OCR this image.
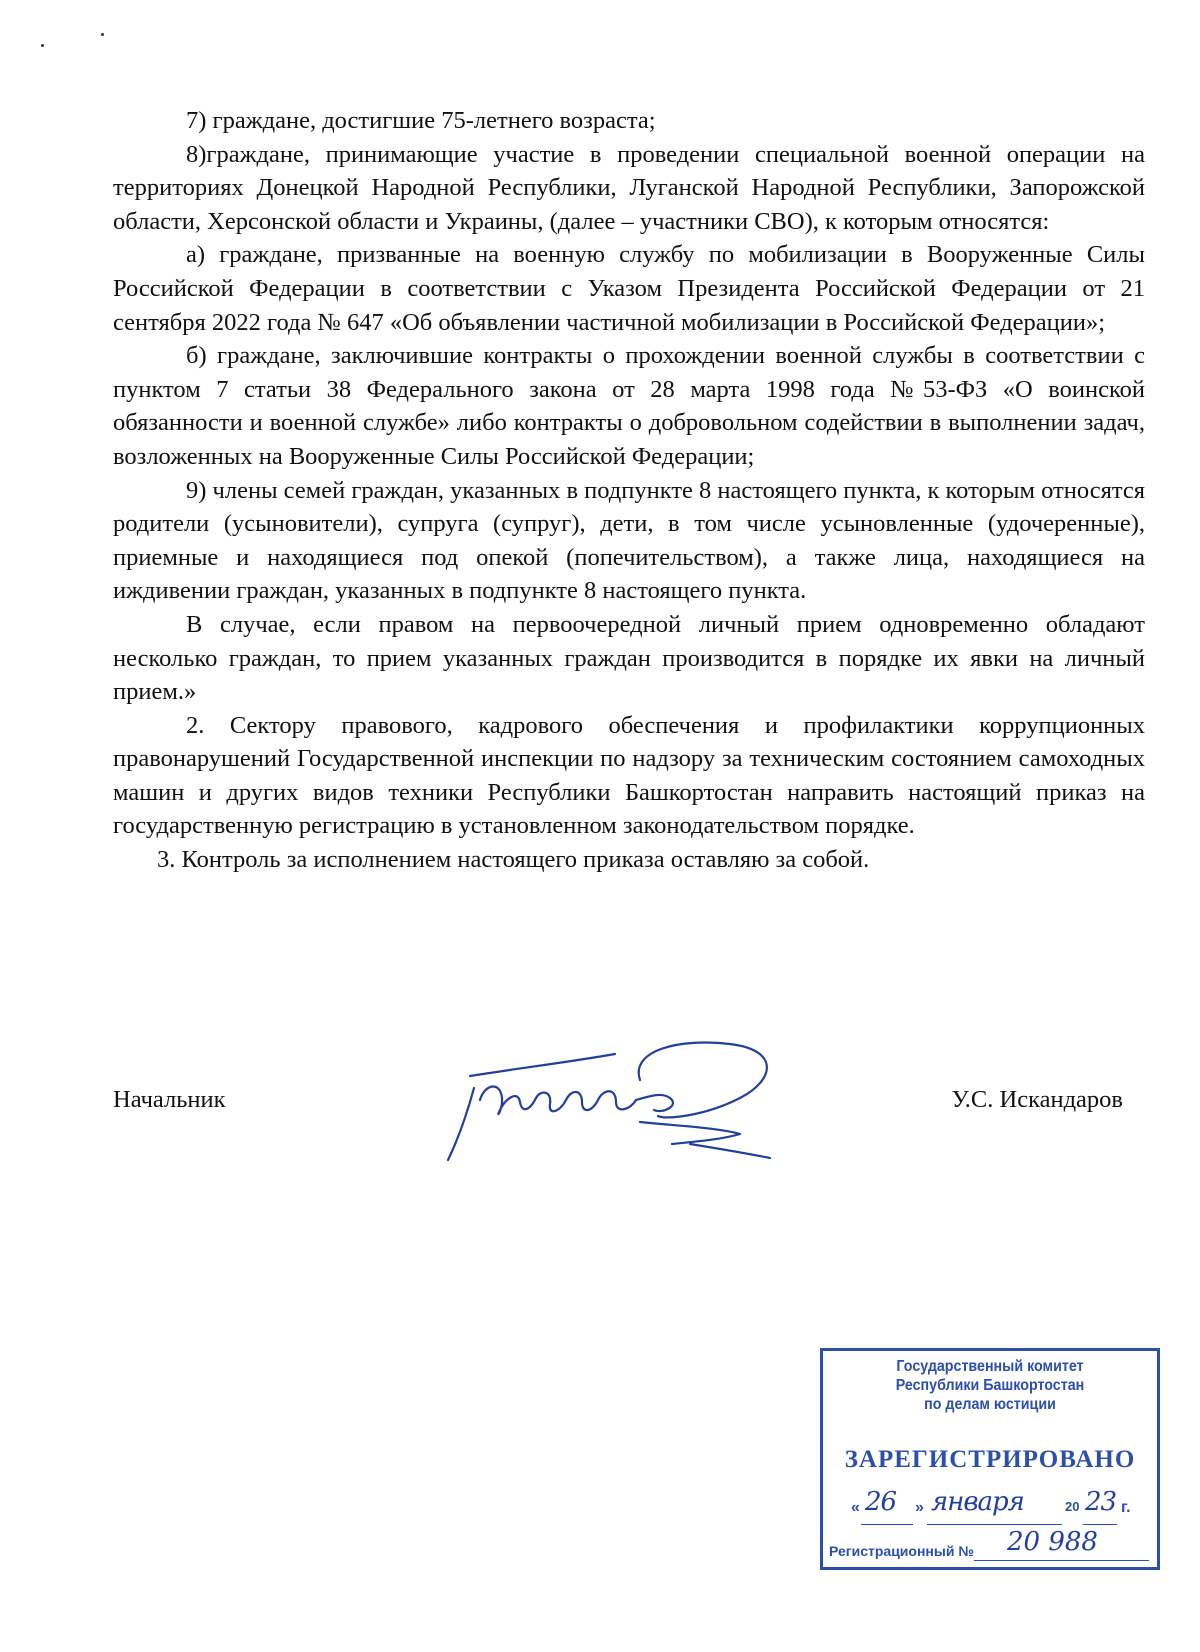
7) граждане, достигшие 75-летнего возраста;

8)граждане, принимающие участие в проведении специальной военной операции на территориях Донецкой Народной Республики, Луганской Народной Республики, Запорожской области, Херсонской области и Украины, (далее – участники СВО), к которым относятся:

а) граждане, призванные на военную службу по мобилизации в Вооруженные Силы Российской Федерации в соответствии с Указом Президента Российской Федерации от 21 сентября 2022 года № 647 «Об объявлении частичной мобилизации в Российской Федерации»;

б) граждане, заключившие контракты о прохождении военной службы в соответствии с пунктом 7 статьи 38 Федерального закона от 28 марта 1998 года №53-ФЗ «О воинской обязанности и военной службе» либо контракты о добровольном содействии в выполнении задач, возложенных на Вооруженные Силы Российской Федерации;

9) члены семей граждан, указанных в подпункте 8 настоящего пункта, к которым относятся родители (усыновители), супруга (супруг), дети, в том числе усыновленные (удочеренные), приемные и находящиеся под опекой (попечительством), а также лица, находящиеся на иждивении граждан, указанных в подпункте 8 настоящего пункта.

В случае, если правом на первоочередной личный прием одновременно обладают несколько граждан, то прием указанных граждан производится в порядке их явки на личный прием.»

2. Сектору правового, кадрового обеспечения и профилактики коррупционных правонарушений Государственной инспекции по надзору за техническим состоянием самоходных машин и других видов техники Республики Башкортостан направить настоящий приказ на государственную регистрацию в установленном законодательством порядке.

3. Контроль за исполнением настоящего приказа оставляю за собой.

Начальник	У.С. Искандаров
Государственный комитет
Республики Башкортостан
по делам юстиции
ЗАРЕГИСТРИРОВАНО
« 26 » января	20 23 г.
Регистрационный № 20 988
